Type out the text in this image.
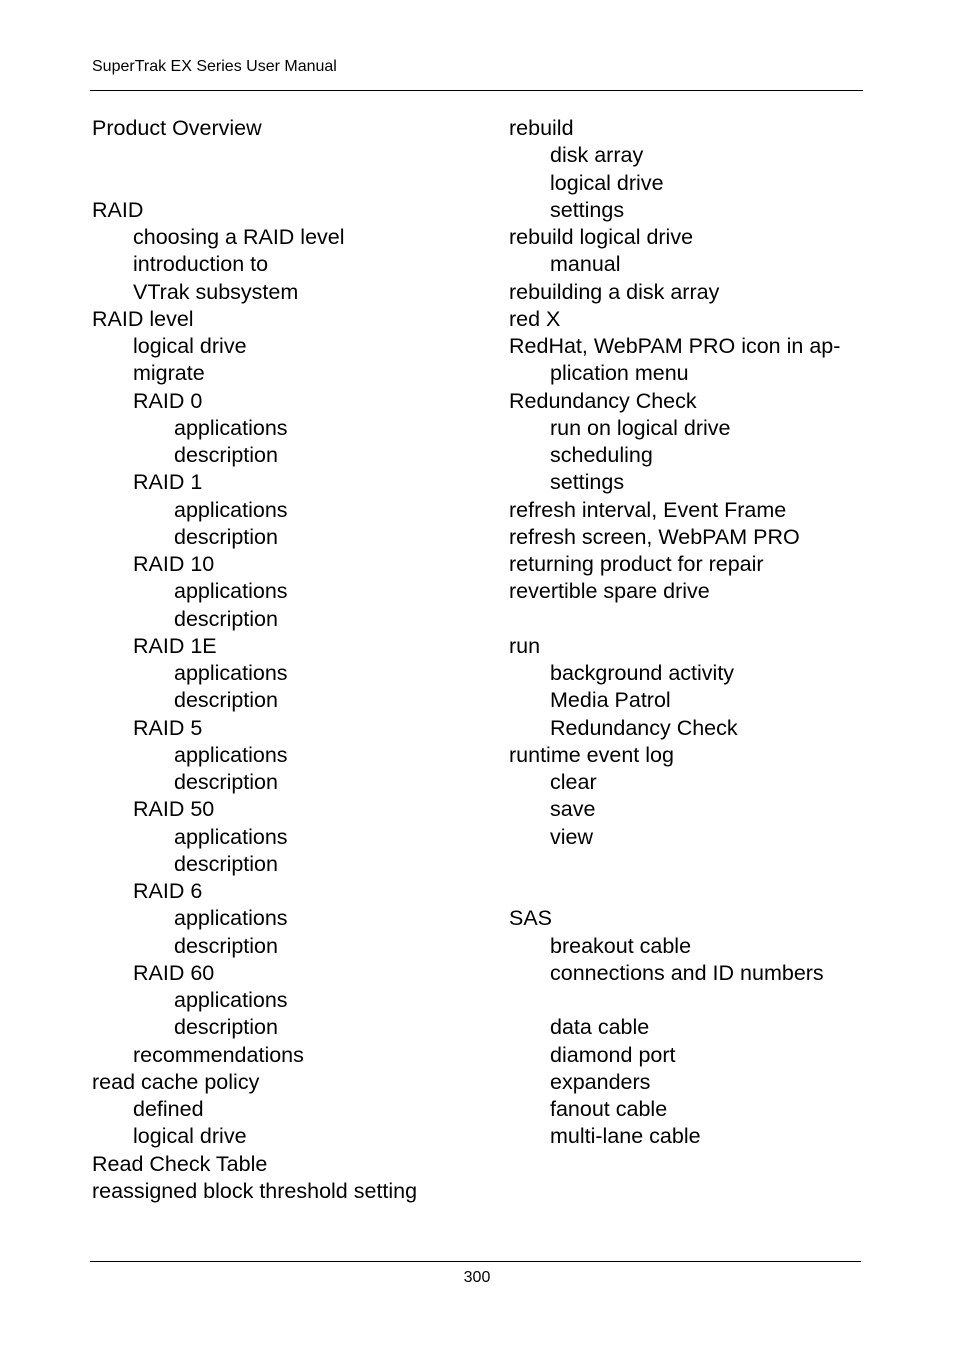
SuperTrak EX Series User Manual
Product Overview
RAID
choosing a RAID level
introduction to
VTrak subsystem
RAID level
logical drive
migrate
RAID 0
applications
description
RAID 1
applications
description
RAID 10
applications
description
RAID 1E
applications
description
RAID 5
applications
description
RAID 50
applications
description
RAID 6
applications
description
RAID 60
applications
description
recommendations
read cache policy
defined
logical drive
Read Check Table
reassigned block threshold setting
rebuild
disk array
logical drive
settings
rebuild logical drive
manual
rebuilding a disk array
red X
RedHat, WebPAM PRO icon in ap-
plication menu
Redundancy Check
run on logical drive
scheduling
settings
refresh interval, Event Frame
refresh screen, WebPAM PRO
returning product for repair
revertible spare drive
run
background activity
Media Patrol
Redundancy Check
runtime event log
clear
save
view
SAS
breakout cable
connections and ID numbers
data cable
diamond port
expanders
fanout cable
multi-lane cable
300
